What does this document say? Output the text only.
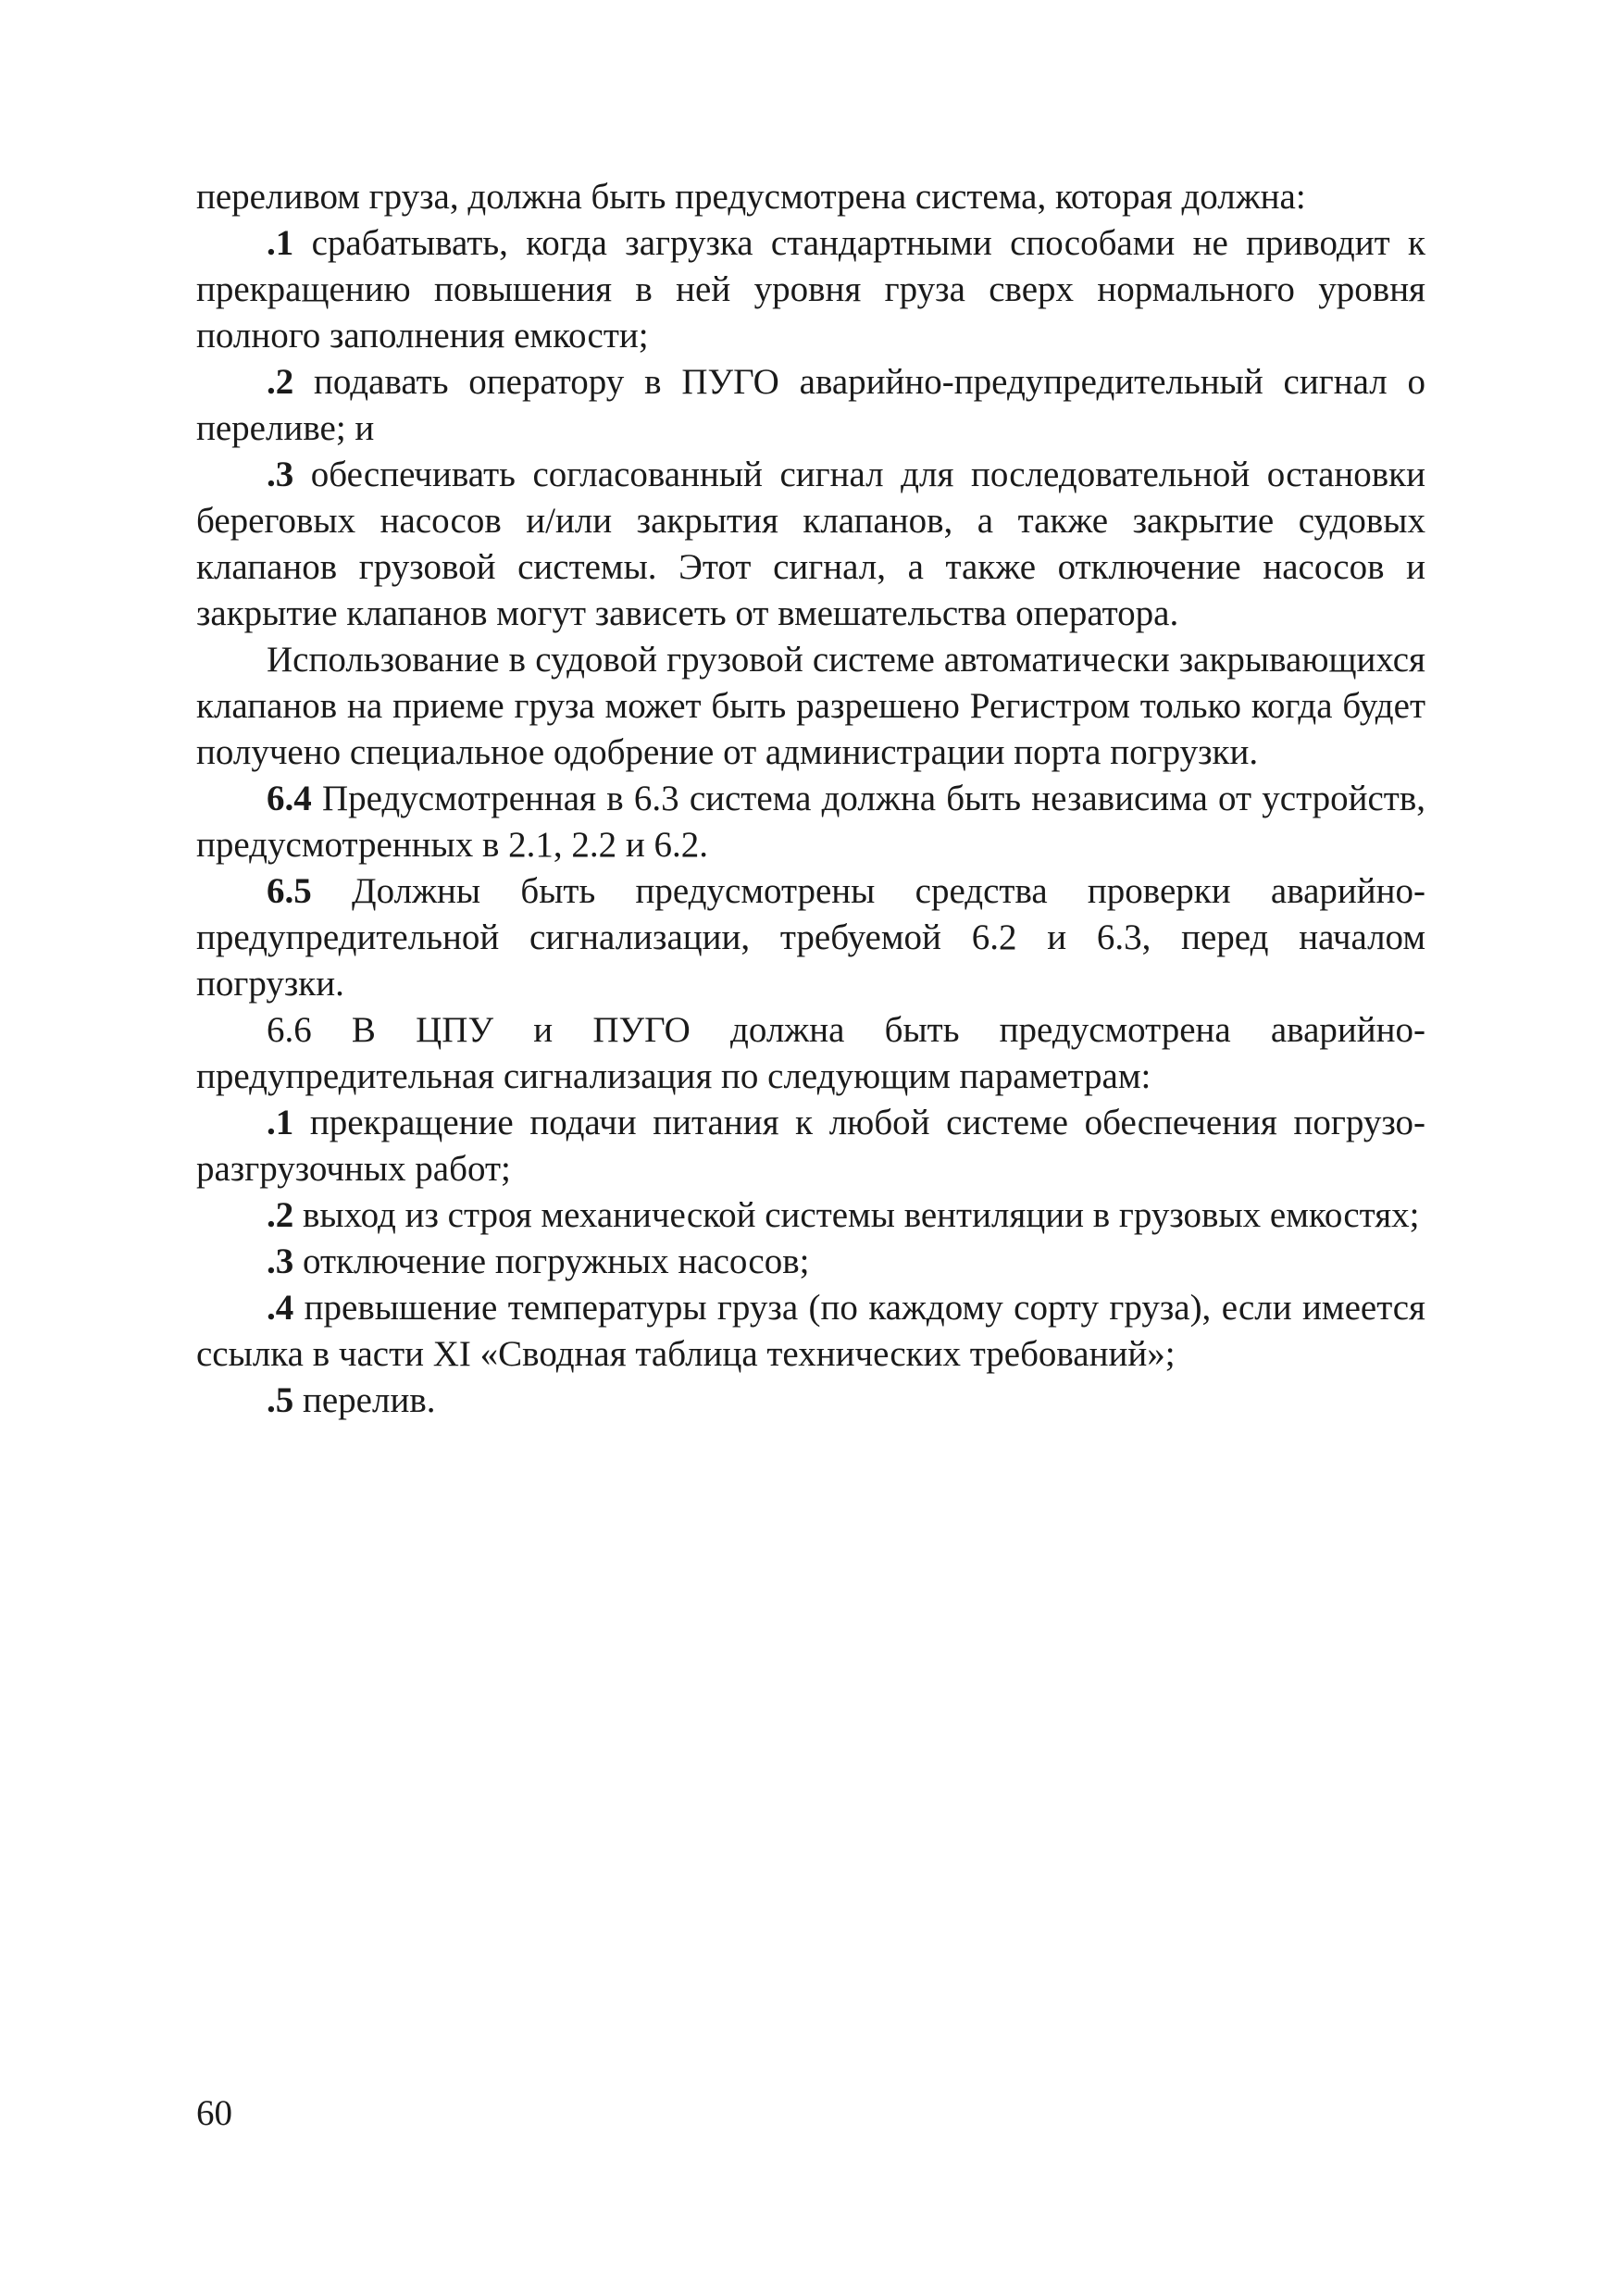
переливом груза, должна быть предусмотрена система, которая должна:

.1 срабатывать, когда загрузка стандартными способами не приводит к прекращению повышения в ней уровня груза сверх нормального уровня полного заполнения емкости;

.2 подавать оператору в ПУГО аварийно-предупредительный сигнал о переливе; и

.3 обеспечивать согласованный сигнал для последовательной остановки береговых насосов и/или закрытия клапанов, а также закрытие судовых клапанов грузовой системы. Этот сигнал, а также отключение насосов и закрытие клапанов могут зависеть от вмешательства оператора.

Использование в судовой грузовой системе автоматически закрывающихся клапанов на приеме груза может быть разрешено Регистром только когда будет получено специальное одобрение от администрации порта погрузки.

6.4 Предусмотренная в 6.3 система должна быть независима от устройств, предусмотренных в 2.1, 2.2 и 6.2.

6.5 Должны быть предусмотрены средства проверки аварийно-предупредительной сигнализации, требуемой 6.2 и 6.3, перед началом погрузки.

6.6 В ЦПУ и ПУГО должна быть предусмотрена аварийно-предупредительная сигнализация по следующим параметрам:

.1 прекращение подачи питания к любой системе обеспечения погрузо-разгрузочных работ;

.2 выход из строя механической системы вентиляции в грузовых емкостях;

.3 отключение погружных насосов;

.4 превышение температуры груза (по каждому сорту груза), если имеется ссылка в части XI «Сводная таблица технических требований»;

.5 перелив.

60
